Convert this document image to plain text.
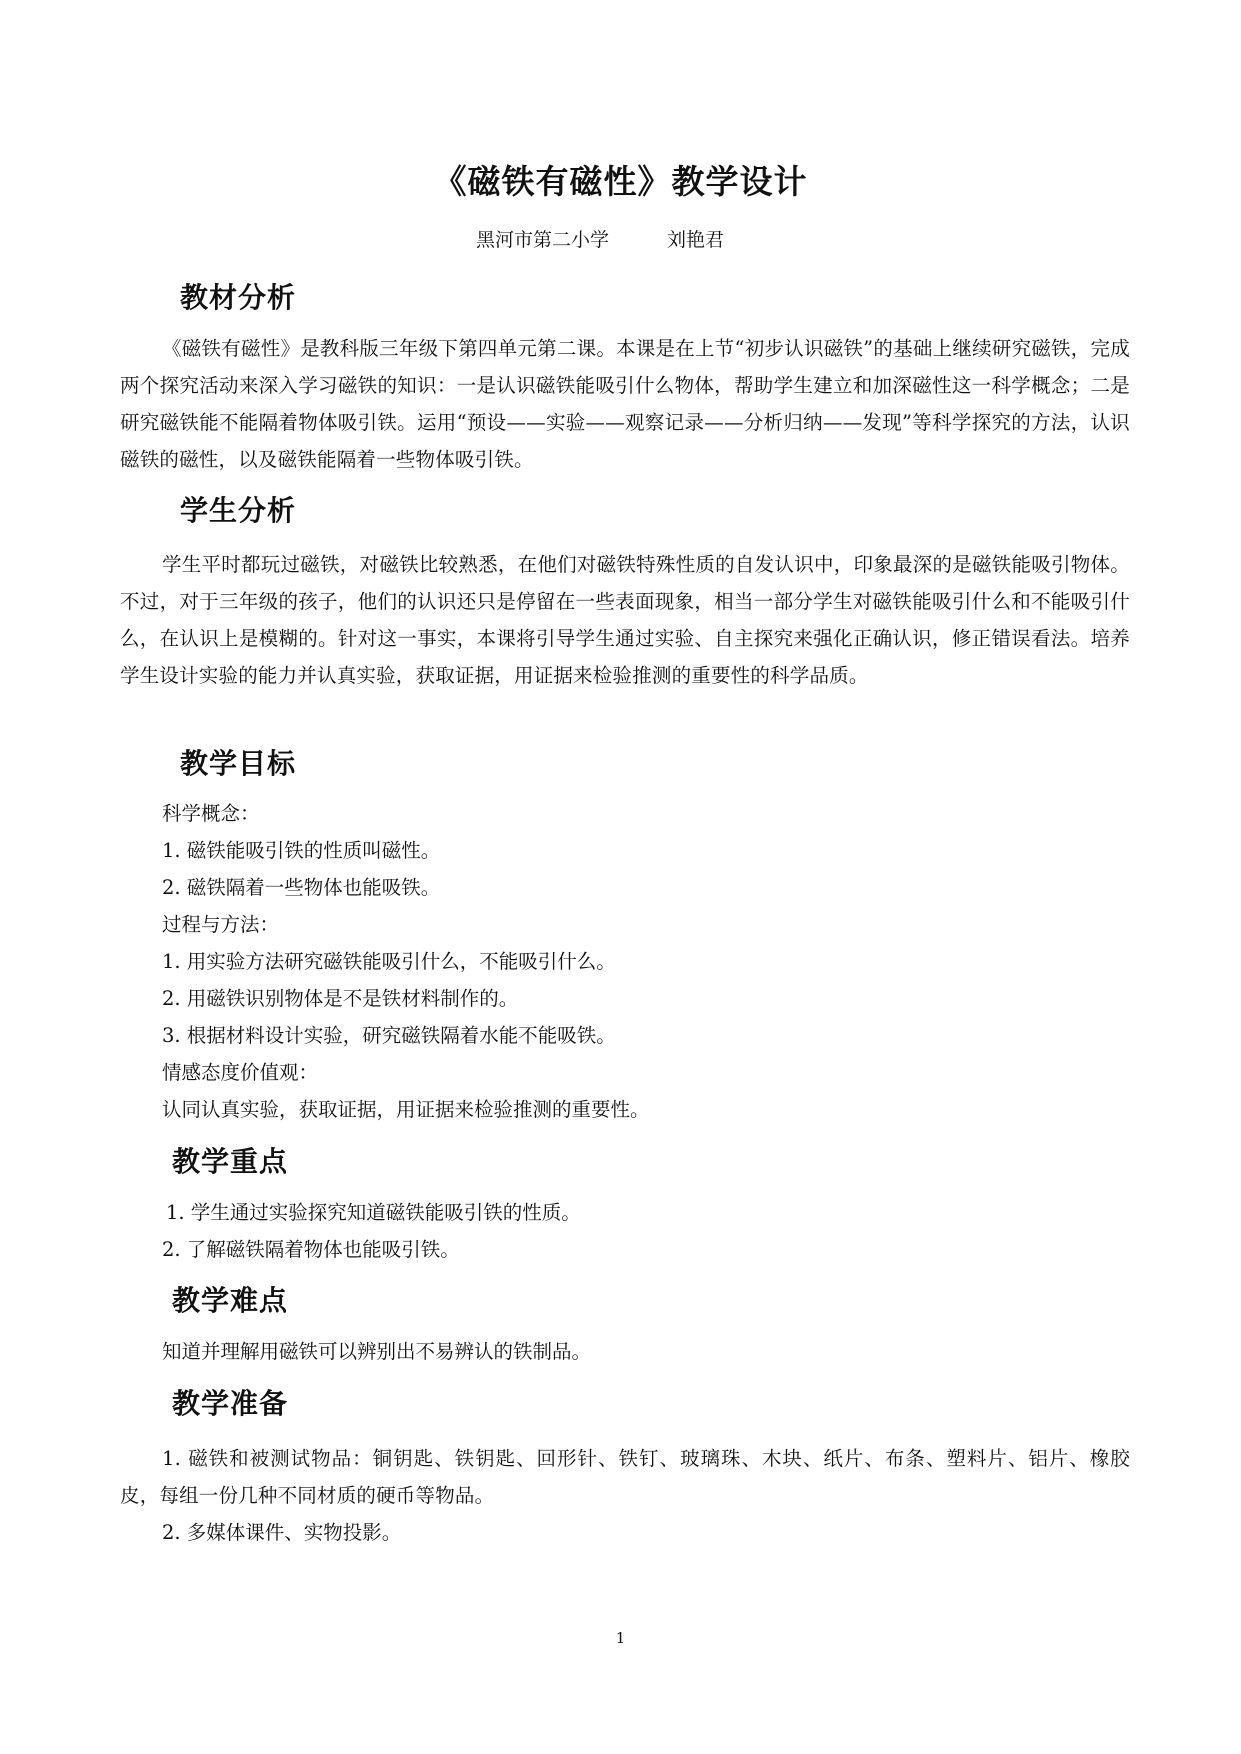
《磁铁有磁性》教学设计
黑河市第二小学	刘艳君
教材分析
《磁铁有磁性》是教科版三年级下第四单元第二课。本课是在上节“初步认识磁铁”的基础上继续研究磁铁，完成两个探究活动来深入学习磁铁的知识：一是认识磁铁能吸引什么物体，帮助学生建立和加深磁性这一科学概念；二是研究磁铁能不能隔着物体吸引铁。运用“预设——实验——观察记录——分析归纳——发现”等科学探究的方法，认识磁铁的磁性，以及磁铁能隔着一些物体吸引铁。
学生分析
学生平时都玩过磁铁，对磁铁比较熟悉，在他们对磁铁特殊性质的自发认识中，印象最深的是磁铁能吸引物体。不过，对于三年级的孩子，他们的认识还只是停留在一些表面现象，相当一部分学生对磁铁能吸引什么和不能吸引什么，在认识上是模糊的。针对这一事实，本课将引导学生通过实验、自主探究来强化正确认识，修正错误看法。培养学生设计实验的能力并认真实验，获取证据，用证据来检验推测的重要性的科学品质。
教学目标
科学概念：
1. 磁铁能吸引铁的性质叫磁性。
2. 磁铁隔着一些物体也能吸铁。
过程与方法：
1. 用实验方法研究磁铁能吸引什么，不能吸引什么。
2. 用磁铁识别物体是不是铁材料制作的。
3. 根据材料设计实验，研究磁铁隔着水能不能吸铁。
情感态度价值观：
认同认真实验，获取证据，用证据来检验推测的重要性。
教学重点
1. 学生通过实验探究知道磁铁能吸引铁的性质。
2. 了解磁铁隔着物体也能吸引铁。
教学难点
知道并理解用磁铁可以辨别出不易辨认的铁制品。
教学准备
1. 磁铁和被测试物品：铜钥匙、铁钥匙、回形针、铁钉、玻璃珠、木块、纸片、布条、塑料片、铝片、橡胶皮，每组一份几种不同材质的硬币等物品。
2. 多媒体课件、实物投影。
1
